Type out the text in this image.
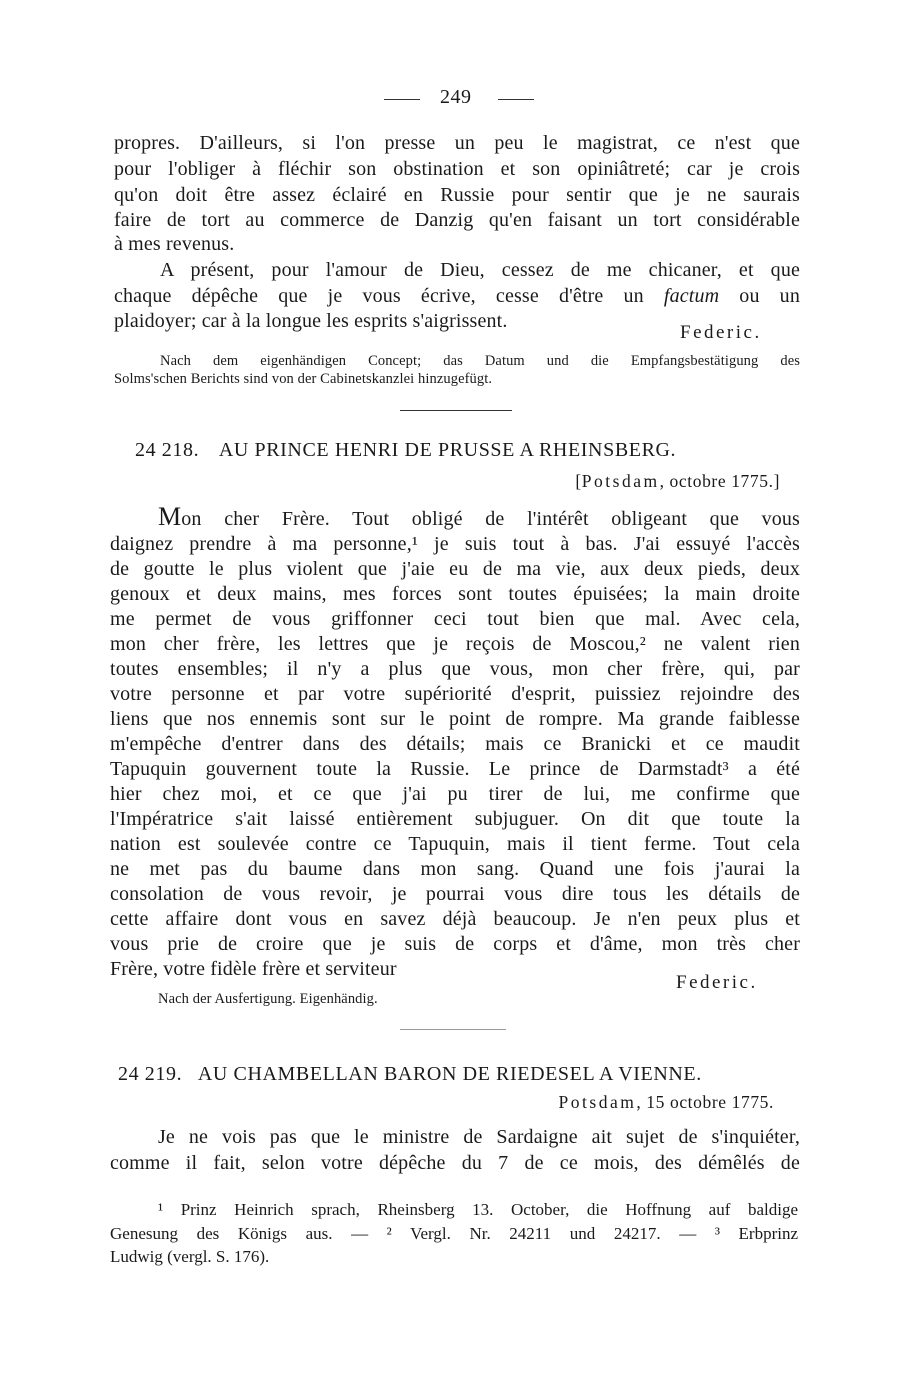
249
propres. D'ailleurs, si l'on presse un peu le magistrat, ce n'est que
pour l'obliger à fléchir son obstination et son opiniâtreté; car je crois
qu'on doit être assez éclairé en Russie pour sentir que je ne saurais
faire de tort au commerce de Danzig qu'en faisant un tort considérable
à mes revenus.
A présent, pour l'amour de Dieu, cessez de me chicaner, et que
chaque dépêche que je vous écrive, cesse d'être un factum ou un
plaidoyer; car à la longue les esprits s'aigrissent.
Federic.
Nach dem eigenhändigen Concept; das Datum und die Empfangsbestätigung des
Solms'schen Berichts sind von der Cabinetskanzlei hinzugefügt.
24 218. AU PRINCE HENRI DE PRUSSE A RHEINSBERG.
[Potsdam, octobre 1775.]
Mon cher Frère. Tout obligé de l'intérêt obligeant que vous
daignez prendre à ma personne,¹ je suis tout à bas. J'ai essuyé l'accès
de goutte le plus violent que j'aie eu de ma vie, aux deux pieds, deux
genoux et deux mains, mes forces sont toutes épuisées; la main droite
me permet de vous griffonner ceci tout bien que mal. Avec cela,
mon cher frère, les lettres que je reçois de Moscou,² ne valent rien
toutes ensembles; il n'y a plus que vous, mon cher frère, qui, par
votre personne et par votre supériorité d'esprit, puissiez rejoindre des
liens que nos ennemis sont sur le point de rompre. Ma grande faiblesse
m'empêche d'entrer dans des détails; mais ce Branicki et ce maudit
Tapuquin gouvernent toute la Russie. Le prince de Darmstadt³ a été
hier chez moi, et ce que j'ai pu tirer de lui, me confirme que
l'Impératrice s'ait laissé entièrement subjuguer. On dit que toute la
nation est soulevée contre ce Tapuquin, mais il tient ferme. Tout cela
ne met pas du baume dans mon sang. Quand une fois j'aurai la
consolation de vous revoir, je pourrai vous dire tous les détails de
cette affaire dont vous en savez déjà beaucoup. Je n'en peux plus et
vous prie de croire que je suis de corps et d'âme, mon très cher
Frère, votre fidèle frère et serviteur
Federic.
Nach der Ausfertigung. Eigenhändig.
24 219. AU CHAMBELLAN BARON DE RIEDESEL A VIENNE.
Potsdam, 15 octobre 1775.
Je ne vois pas que le ministre de Sardaigne ait sujet de s'inquiéter,
comme il fait, selon votre dépêche du 7 de ce mois, des démêlés de
¹ Prinz Heinrich sprach, Rheinsberg 13. October, die Hoffnung auf baldige
Genesung des Königs aus. — ² Vergl. Nr. 24211 und 24217. — ³ Erbprinz
Ludwig (vergl. S. 176).
